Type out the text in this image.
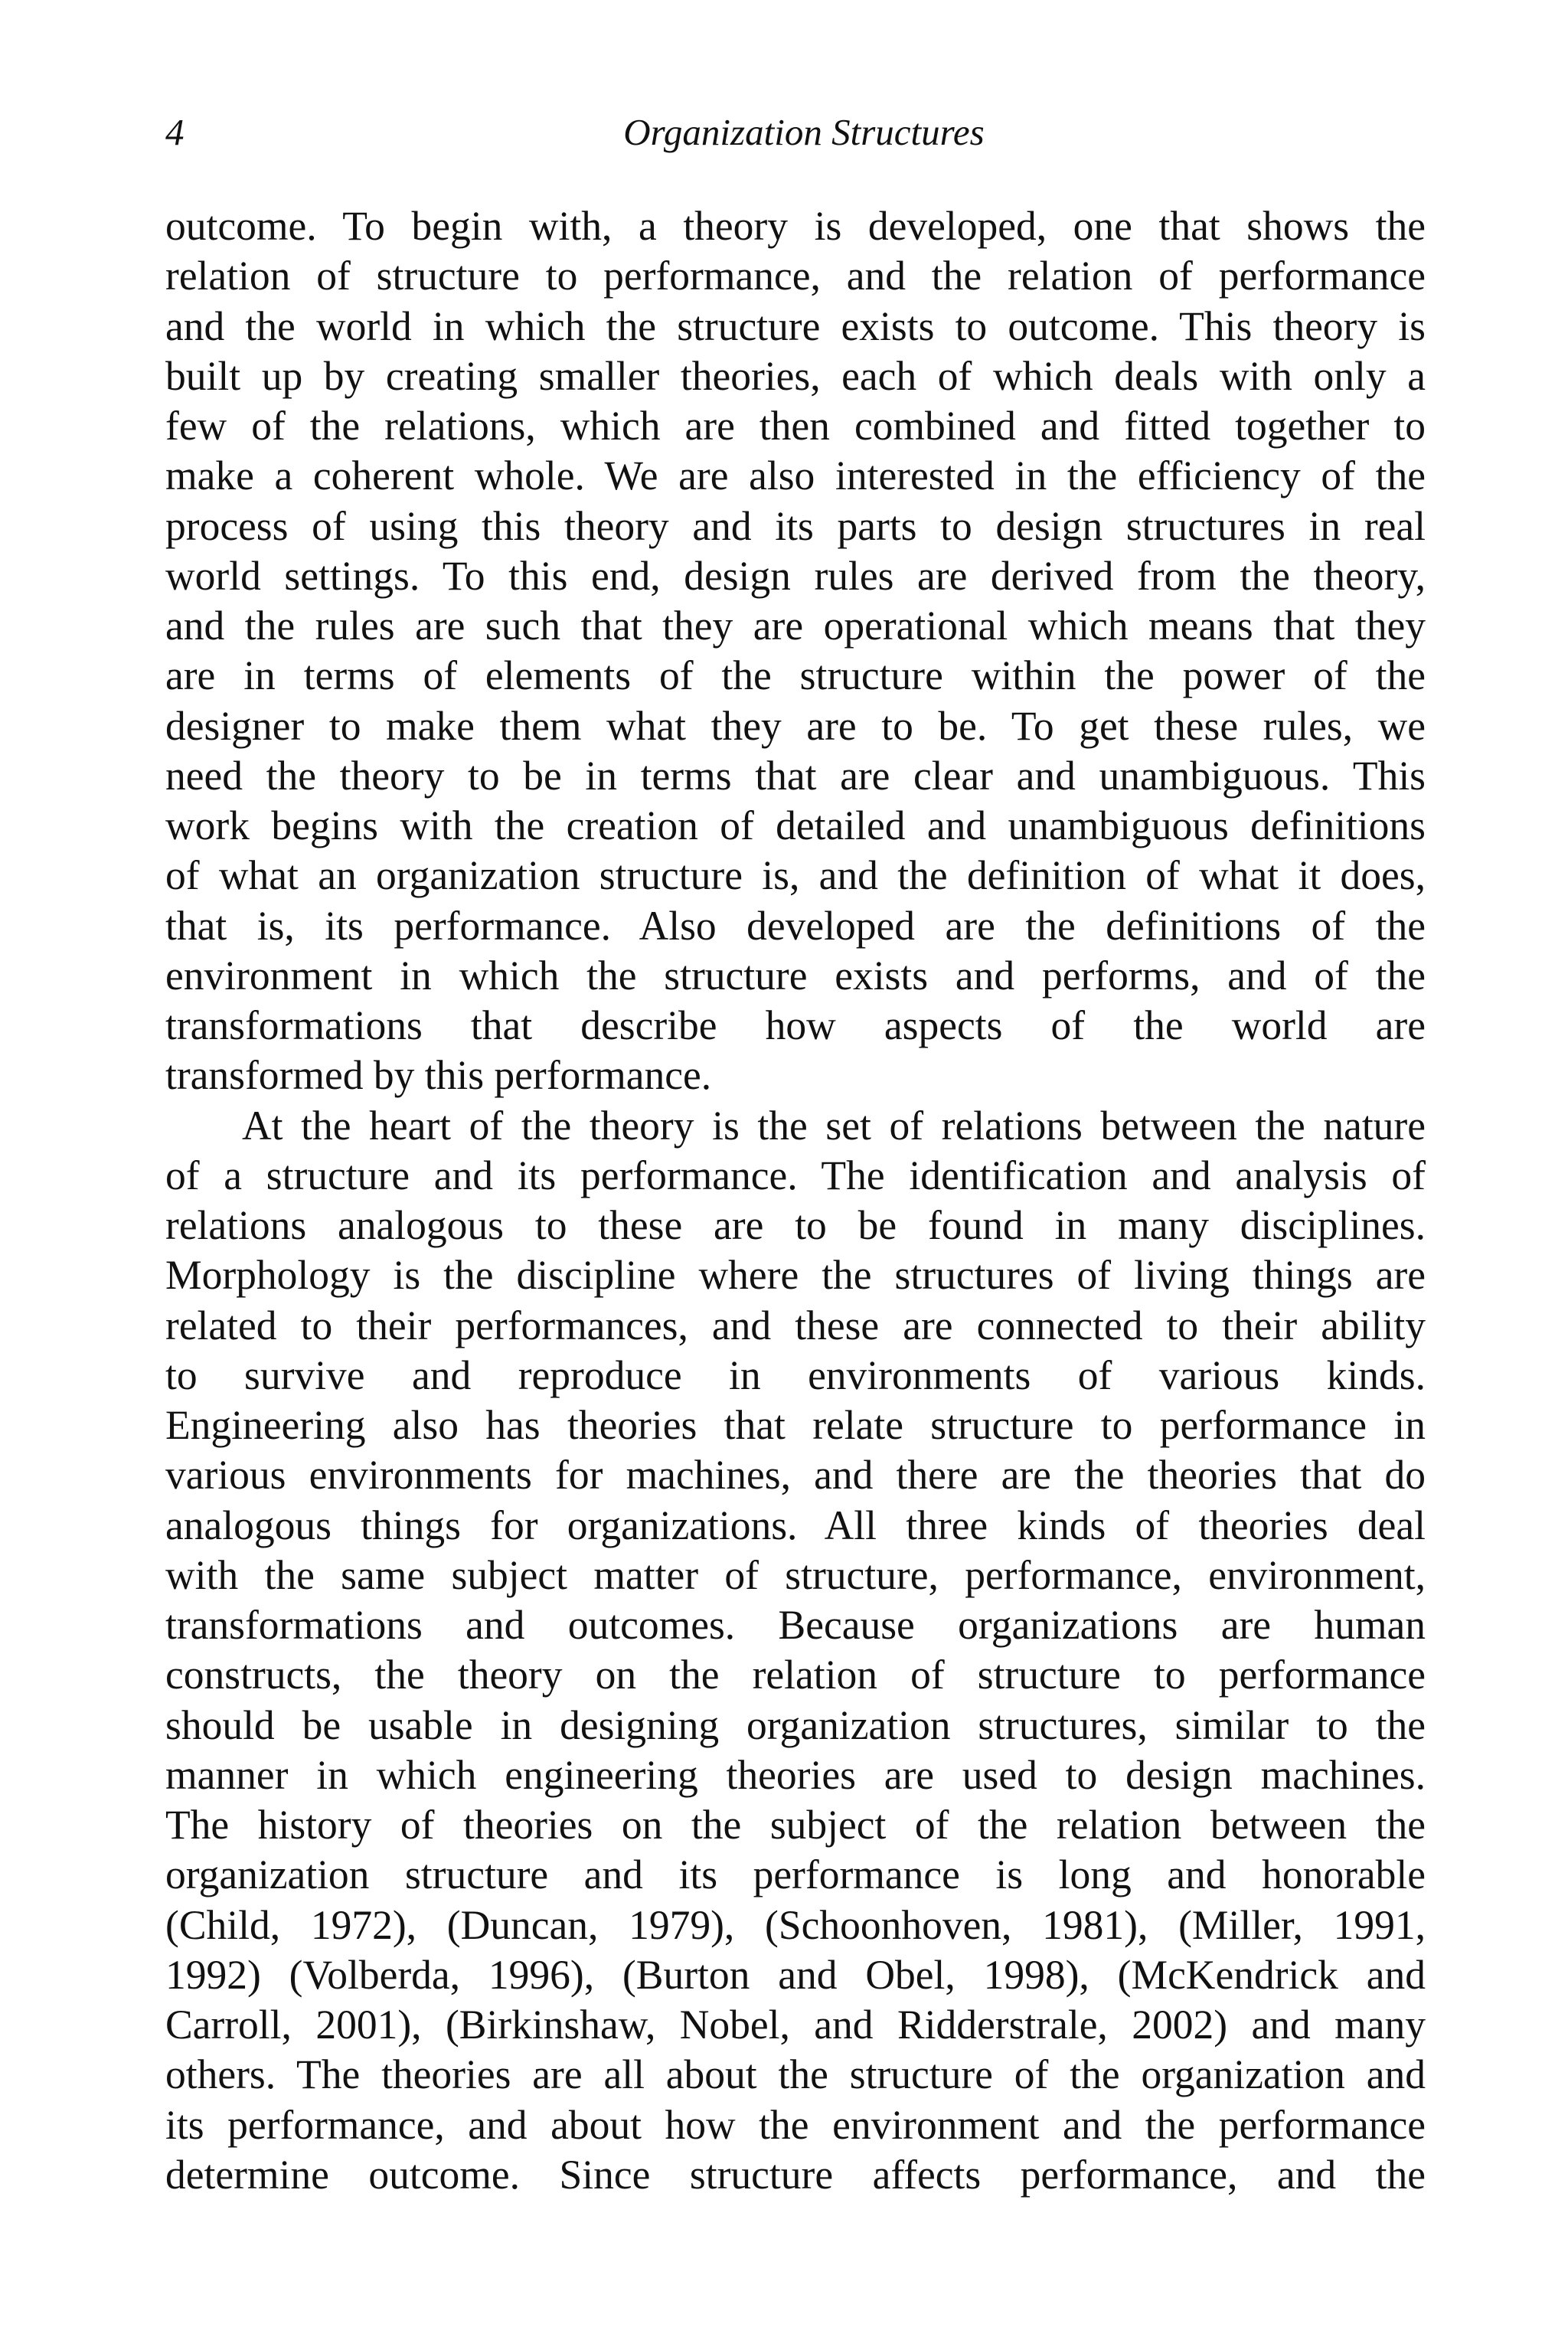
4	Organization Structures
outcome. To begin with, a theory is developed, one that shows the
relation of structure to performance, and the relation of performance
and the world in which the structure exists to outcome. This theory is
built up by creating smaller theories, each of which deals with only a
few of the relations, which are then combined and fitted together to
make a coherent whole. We are also interested in the efficiency of the
process of using this theory and its parts to design structures in real
world settings. To this end, design rules are derived from the theory,
and the rules are such that they are operational which means that they
are in terms of elements of the structure within the power of the
designer to make them what they are to be. To get these rules, we
need the theory to be in terms that are clear and unambiguous. This
work begins with the creation of detailed and unambiguous definitions
of what an organization structure is, and the definition of what it does,
that is, its performance. Also developed are the definitions of the
environment in which the structure exists and performs, and of the
transformations that describe how aspects of the world are
transformed by this performance.
At the heart of the theory is the set of relations between the nature
of a structure and its performance. The identification and analysis of
relations analogous to these are to be found in many disciplines.
Morphology is the discipline where the structures of living things are
related to their performances, and these are connected to their ability
to survive and reproduce in environments of various kinds.
Engineering also has theories that relate structure to performance in
various environments for machines, and there are the theories that do
analogous things for organizations. All three kinds of theories deal
with the same subject matter of structure, performance, environment,
transformations and outcomes. Because organizations are human
constructs, the theory on the relation of structure to performance
should be usable in designing organization structures, similar to the
manner in which engineering theories are used to design machines.
The history of theories on the subject of the relation between the
organization structure and its performance is long and honorable
(Child, 1972), (Duncan, 1979), (Schoonhoven, 1981), (Miller, 1991,
1992) (Volberda, 1996), (Burton and Obel, 1998), (McKendrick and
Carroll, 2001), (Birkinshaw, Nobel, and Ridderstrale, 2002) and many
others. The theories are all about the structure of the organization and
its performance, and about how the environment and the performance
determine outcome. Since structure affects performance, and the
